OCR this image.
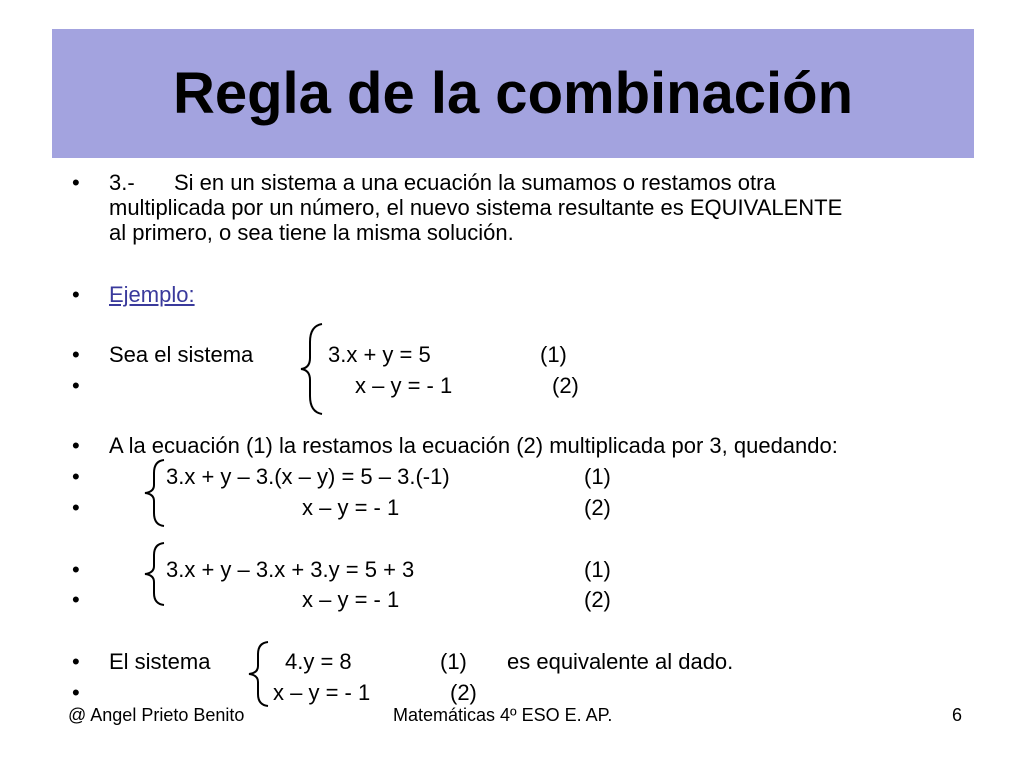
Regla de la combinación
• 3.- Si en un sistema a una ecuación la sumamos o restamos otra
multiplicada por un número, el nuevo sistema resultante es EQUIVALENTE
al primero, o sea tiene la misma solución.
• Ejemplo:
• Sea el sistema	3.x + y = 5	(1)
•	x – y = - 1	(2)
• A la ecuación (1) la restamos la ecuación (2) multiplicada por 3, quedando:
•	3.x + y – 3.(x – y) = 5 – 3.(-1)	(1)
•	x – y = - 1	(2)
•	3.x + y – 3.x + 3.y = 5 + 3	(1)
•	x – y = - 1	(2)
• El sistema	4.y = 8	(1) es equivalente al dado.
•	x – y = - 1	(2)
@ Angel Prieto Benito	Matemáticas 4º ESO E. AP.	6
